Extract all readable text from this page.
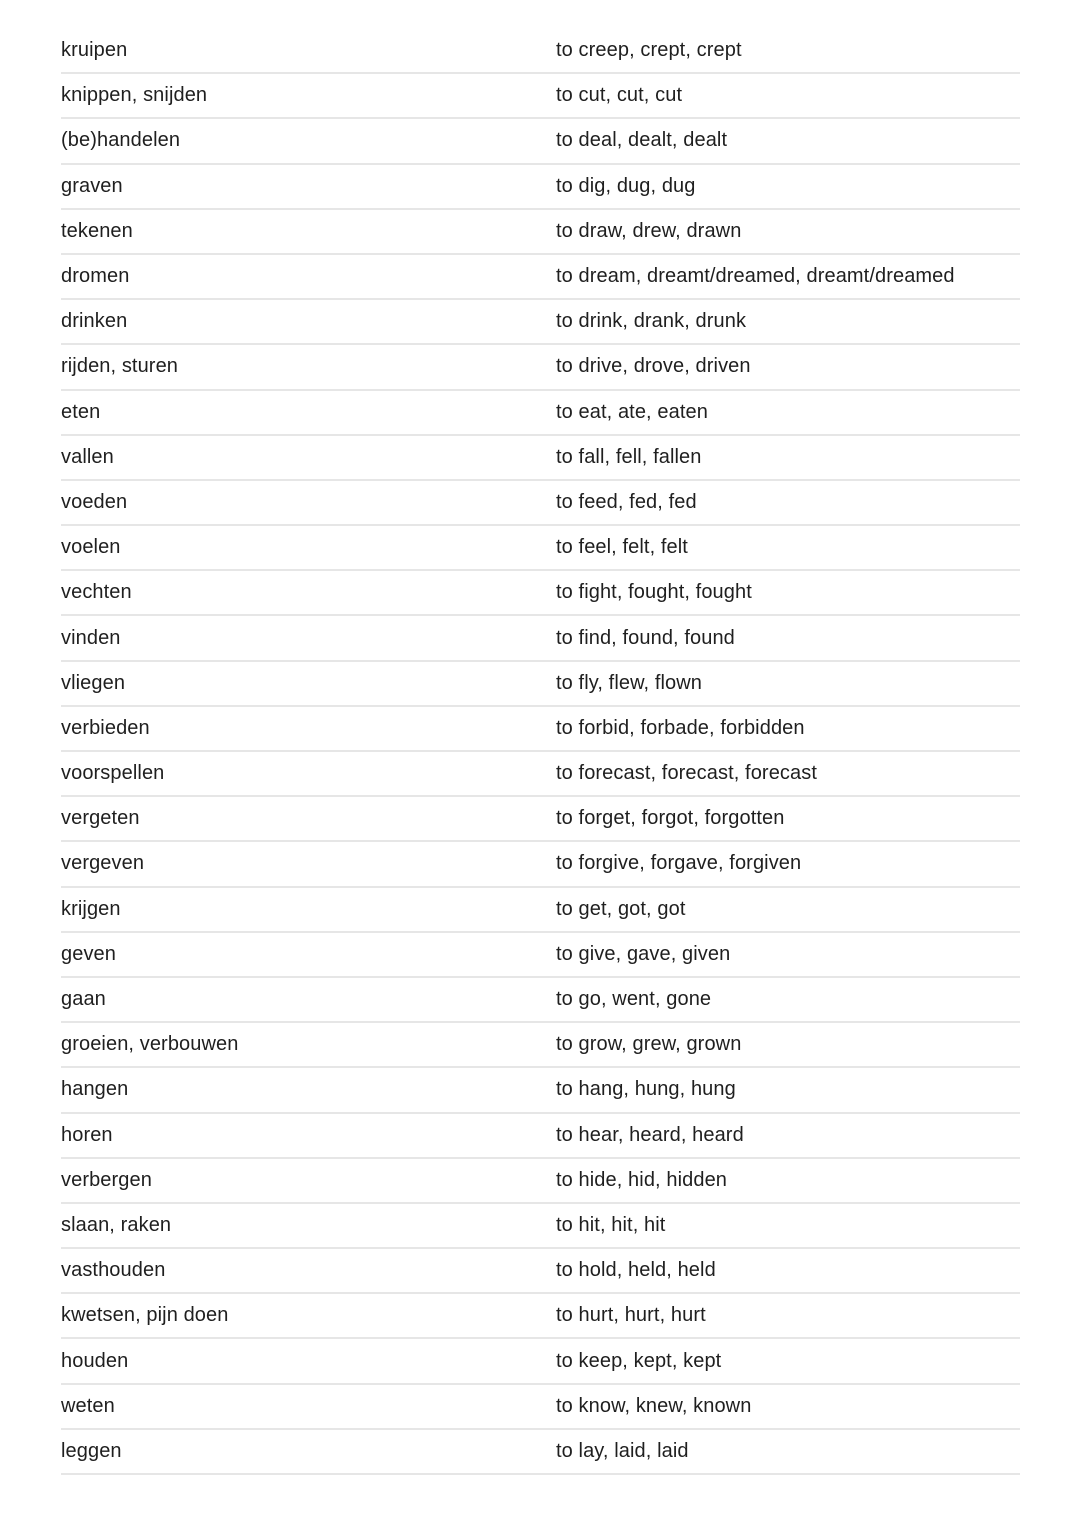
kruipen	to creep, crept, crept
knippen, snijden	to cut, cut, cut
(be)handelen	to deal, dealt, dealt
graven	to dig, dug, dug
tekenen	to draw, drew, drawn
dromen	to dream, dreamt/dreamed, dreamt/dreamed
drinken	to drink, drank, drunk
rijden, sturen	to drive, drove, driven
eten	to eat, ate, eaten
vallen	to fall, fell, fallen
voeden	to feed, fed, fed
voelen	to feel, felt, felt
vechten	to fight, fought, fought
vinden	to find, found, found
vliegen	to fly, flew, flown
verbieden	to forbid, forbade, forbidden
voorspellen	to forecast, forecast, forecast
vergeten	to forget, forgot, forgotten
vergeven	to forgive, forgave, forgiven
krijgen	to get, got, got
geven	to give, gave, given
gaan	to go, went, gone
groeien, verbouwen	to grow, grew, grown
hangen	to hang, hung, hung
horen	to hear, heard, heard
verbergen	to hide, hid, hidden
slaan, raken	to hit, hit, hit
vasthouden	to hold, held, held
kwetsen, pijn doen	to hurt, hurt, hurt
houden	to keep, kept, kept
weten	to know, knew, known
leggen	to lay, laid, laid
